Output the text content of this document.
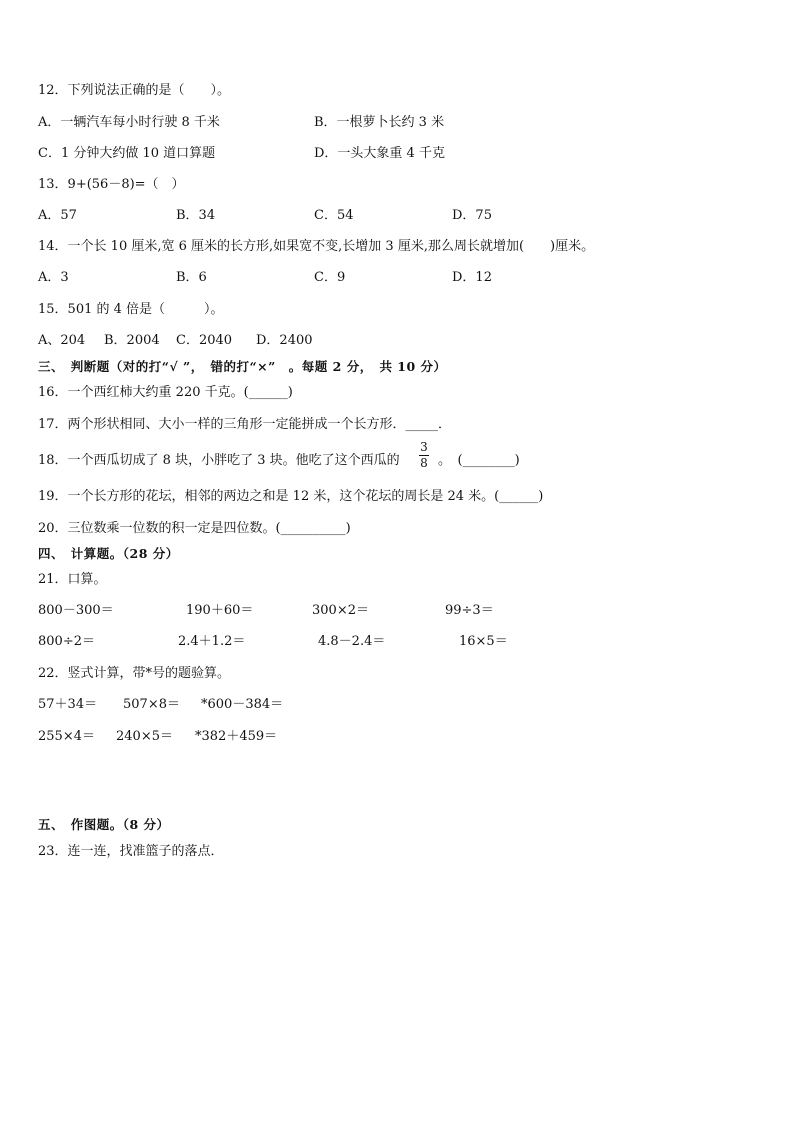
12．下列说法正确的是（　　）。
A．一辆汽车每小时行驶 8 千米	B．一根萝卜长约 3 米
C．1 分钟大约做 10 道口算题	D．一头大象重 4 千克
13．9+(56－8)=（　）
A．57	B．34	C．54	D．75
14．一个长 10 厘米,宽 6 厘米的长方形,如果宽不变,长增加 3 厘米,那么周长就增加(　　)厘米。
A．3	B．6	C．9	D．12
15．501 的 4 倍是（　　　）。
A、204 B．2004 C．2040 D．2400
三、　判断题（对的打“√ ”，　错的打“×”　。每题 2 分，　共 10 分）
16．一个西红柿大约重 220 千克。(______)
17．两个形状相同、大小一样的三角形一定能拼成一个长方形．_____．
18．一个西瓜切成了 8 块，小胖吃了 3 块。他吃了这个西瓜的
3
8 。　(________)
19．一个长方形的花坛，相邻的两边之和是 12 米，这个花坛的周长是 24 米。(______)
20．三位数乘一位数的积一定是四位数。(__________)
四、　计算题。（28 分）
21．口算。
800－300＝	190＋60＝	300×2＝	99÷3＝
800÷2＝	2.4＋1.2＝	4.8－2.4＝	16×5＝
22．竖式计算，带*号的题验算。
57＋34＝ 507×8＝ *600－384＝
255×4＝ 240×5＝ *382＋459＝
五、　作图题。（8 分）
23．连一连，找准篮子的落点．
